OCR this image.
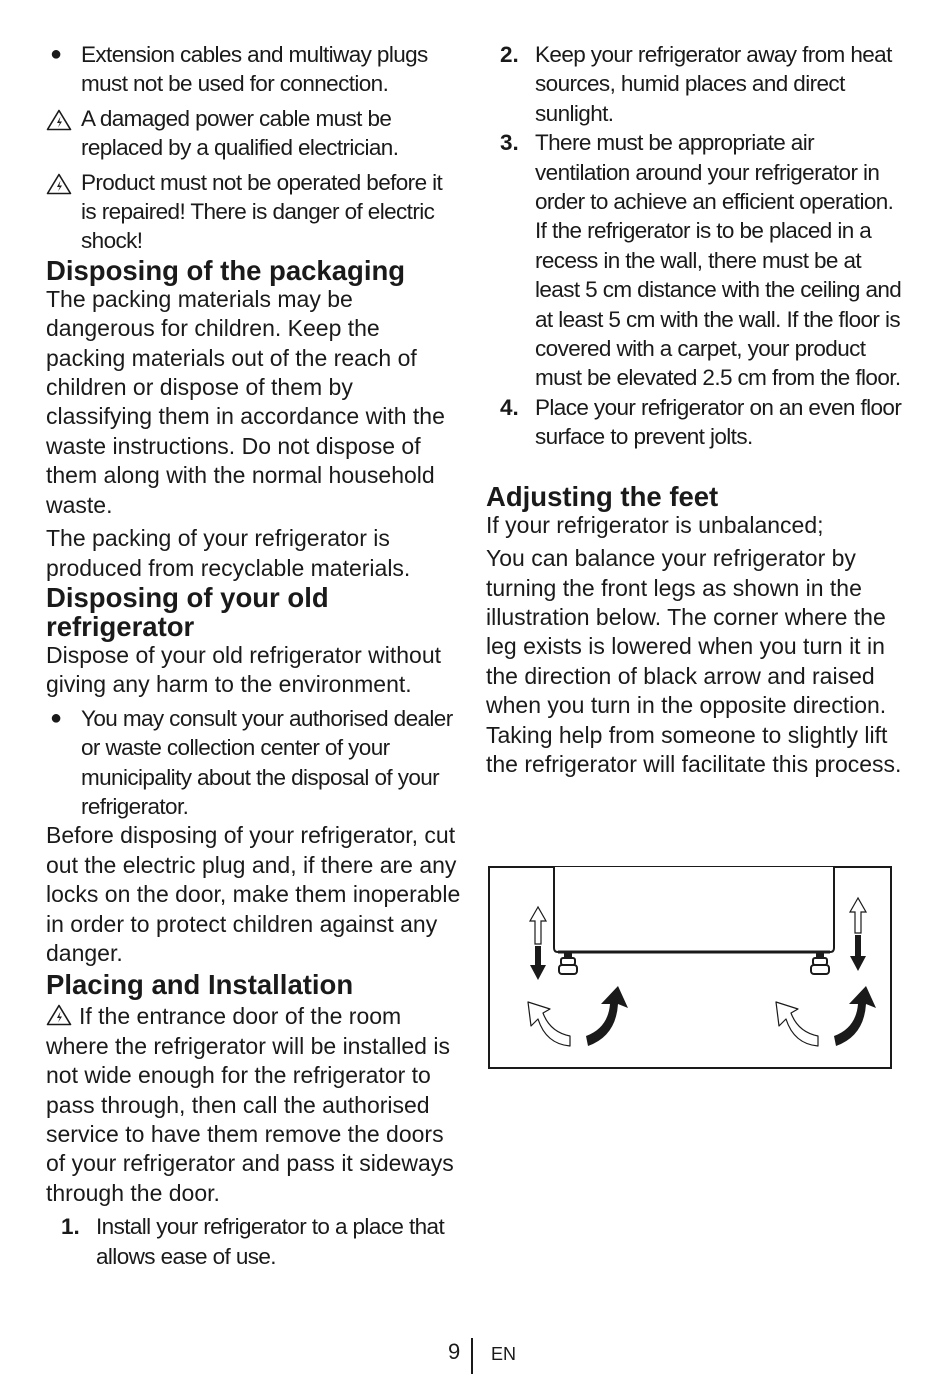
● Extension cables and multiway plugs must not be used for connection.
A damaged power cable must be replaced by a qualified electrician.
Product must not be operated before it is repaired! There is danger of electric shock!
Disposing of the packaging

The packing materials may be dangerous for children. Keep the packing materials out of the reach of children or dispose of them by classifying them in accordance with the waste instructions. Do not dispose of them along with the normal household waste.

The packing of your refrigerator is produced from recyclable materials.

Disposing of your old refrigerator

Dispose of your old refrigerator without giving any harm to the environment.

● You may consult your authorised dealer or waste collection center of your municipality about the disposal of your refrigerator.

Before disposing of your refrigerator, cut out the electric plug and, if there are any locks on the door, make them inoperable in order to protect children against any danger.

Placing and Installation

If the entrance door of the room where the refrigerator will be installed is not wide enough for the refrigerator to pass through, then call the authorised service to have them remove the doors of your refrigerator and pass it sideways through the door.

1. Install your refrigerator to a place that allows ease of use.
2. Keep your refrigerator away from heat sources, humid places and direct sunlight.
3. There must be appropriate air ventilation around your refrigerator in order to achieve an efficient operation. If the refrigerator is to be placed in a recess in the wall, there must be at least 5 cm distance with the ceiling and at least 5 cm with the wall. If the floor is covered with a carpet, your product must be elevated 2.5 cm from the floor.
4. Place your refrigerator on an even floor surface to prevent jolts.
Adjusting the feet

If your refrigerator is unbalanced;

You can balance your refrigerator by turning the front legs as shown in the illustration below. The corner where the leg exists is lowered when you turn it in the direction of black arrow and raised when you turn in the opposite direction. Taking help from someone to slightly lift the refrigerator will facilitate this process.

9 EN
